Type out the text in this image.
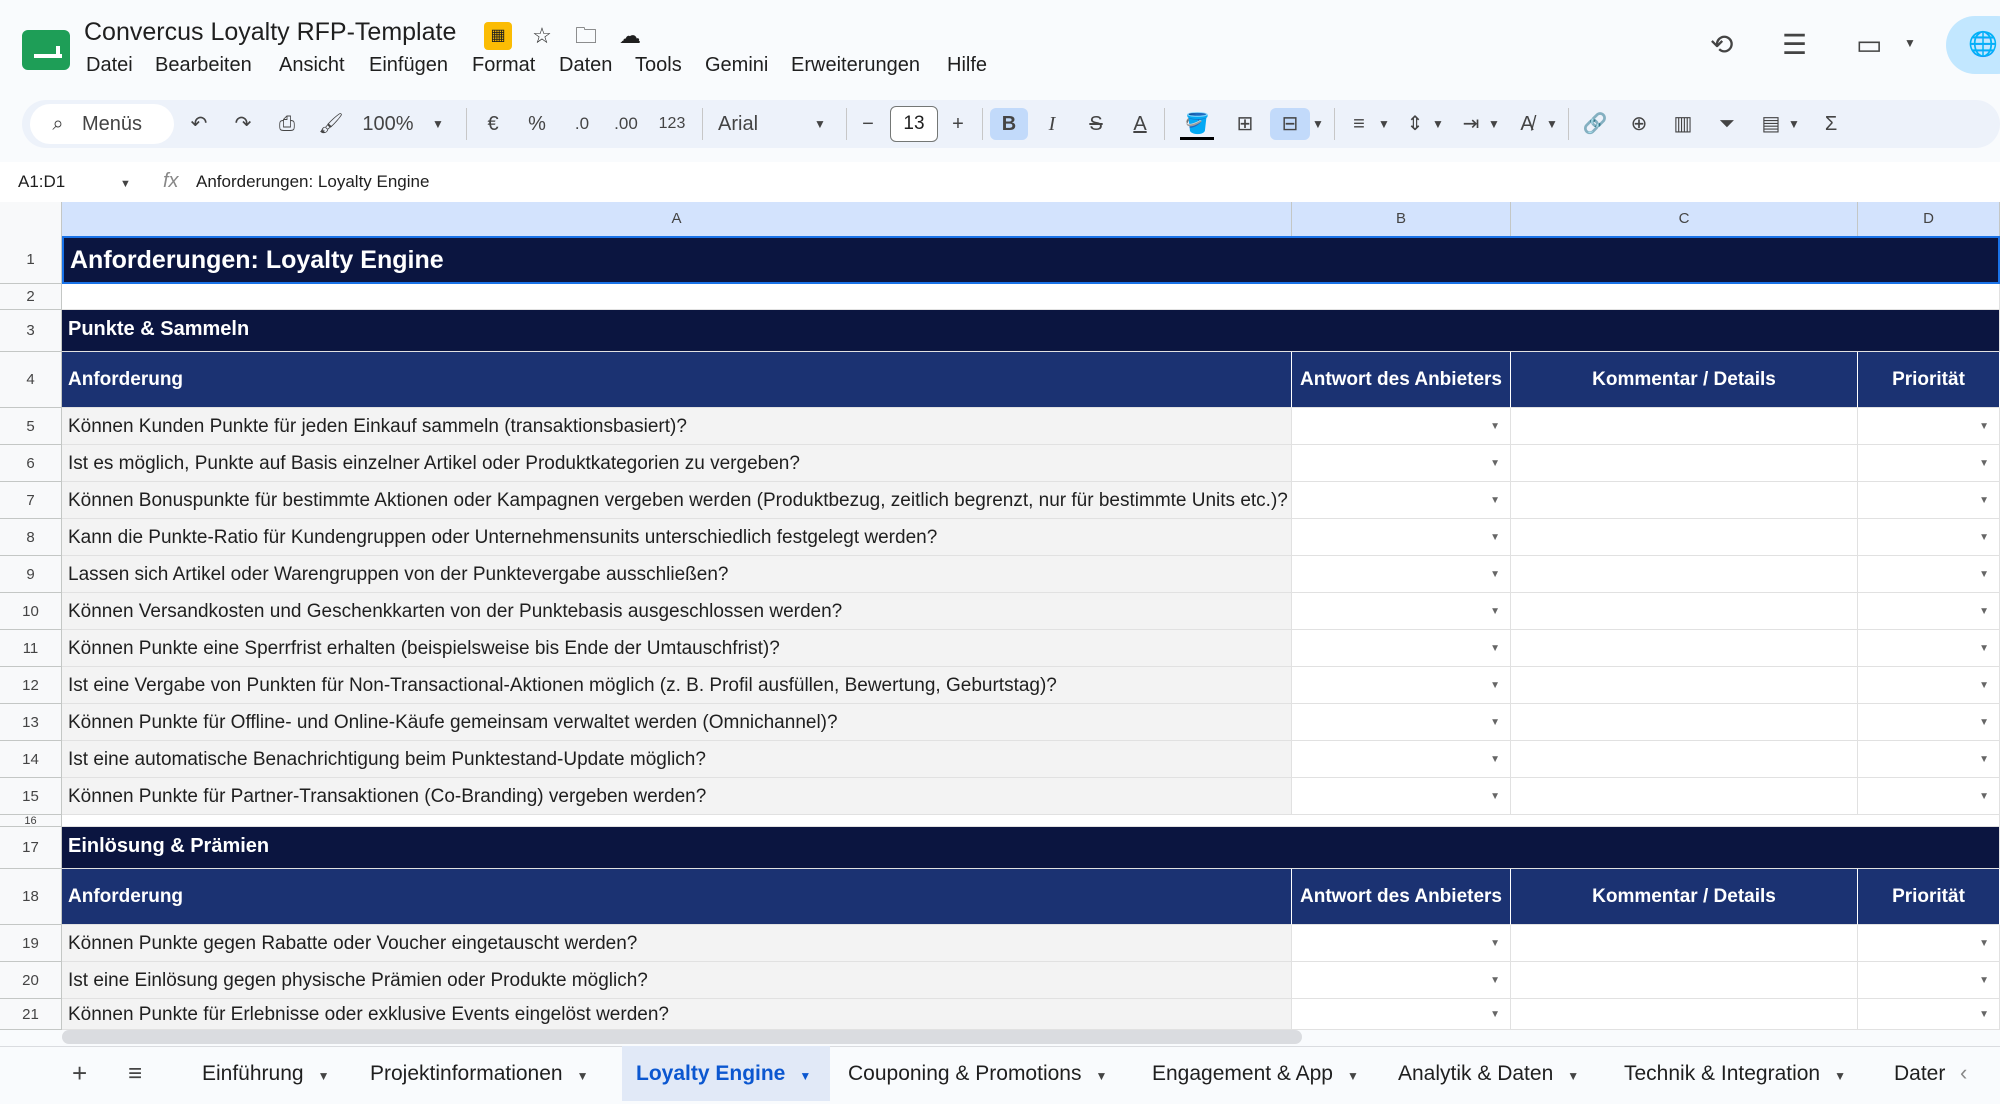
Convercus Loyalty RFP-Template	▦ ☆ 🗀 ☁
Datei Bearbeiten Ansicht Einfügen Format Daten Tools Gemini Erweiterungen Hilfe
⟲ ☰ ▭ ▼ 🌐
⌕ Menüs	↶	↷	⎙	🖌 100%	▼	€	%	.0	.00	123	Arial	▼	−	13	+	B	I	S	A	🪣	⊞	⊟	▼	≡	▼ ⇕ ▼ ⇥ ▼	A̸	▼ 🔗	⊕	▥	⏷	▤ ▼	Σ
A1:D1	▼ fx Anforderungen: Loyalty Engine
A	B	C	D
1	Anforderungen: Loyalty Engine
2
3	Punkte & Sammeln
4	Anforderung	Antwort des Anbieters	Kommentar / Details	Priorität
5	Können Kunden Punkte für jeden Einkauf sammeln (transaktionsbasiert)?
▼
▼
6	Ist es möglich, Punkte auf Basis einzelner Artikel oder Produktkategorien zu vergeben?
▼
▼
7	Können Bonuspunkte für bestimmte Aktionen oder Kampagnen vergeben werden (Produktbezug, zeitlich begrenzt, nur für bestimmte Units etc.)?
▼
▼
8	Kann die Punkte-Ratio für Kundengruppen oder Unternehmensunits unterschiedlich festgelegt werden?
▼
▼
9	Lassen sich Artikel oder Warengruppen von der Punktevergabe ausschließen?
▼
▼
10	Können Versandkosten und Geschenkkarten von der Punktebasis ausgeschlossen werden?
▼
▼
11	Können Punkte eine Sperrfrist erhalten (beispielsweise bis Ende der Umtauschfrist)?
▼
▼
12	Ist eine Vergabe von Punkten für Non-Transactional-Aktionen möglich (z. B. Profil ausfüllen, Bewertung, Geburtstag)?
▼
▼
13	Können Punkte für Offline- und Online-Käufe gemeinsam verwaltet werden (Omnichannel)?
▼
▼
14	Ist eine automatische Benachrichtigung beim Punktestand-Update möglich?
▼
▼
15	Können Punkte für Partner-Transaktionen (Co-Branding) vergeben werden?
▼
▼
16
17	Einlösung & Prämien
18	Anforderung	Antwort des Anbieters	Kommentar / Details	Priorität
19	Können Punkte gegen Rabatte oder Voucher eingetauscht werden?
▼
▼
20	Ist eine Einlösung gegen physische Prämien oder Produkte möglich?
▼
▼
21	Können Punkte für Erlebnisse oder exklusive Events eingelöst werden?
▼
▼
+ ≡	Einführung ▼	Projektinformationen ▼	Loyalty Engine ▼	Couponing & Promotions ▼	Engagement & App ▼	Analytik & Daten ▼	Technik & Integration ▼	Dater ‹
